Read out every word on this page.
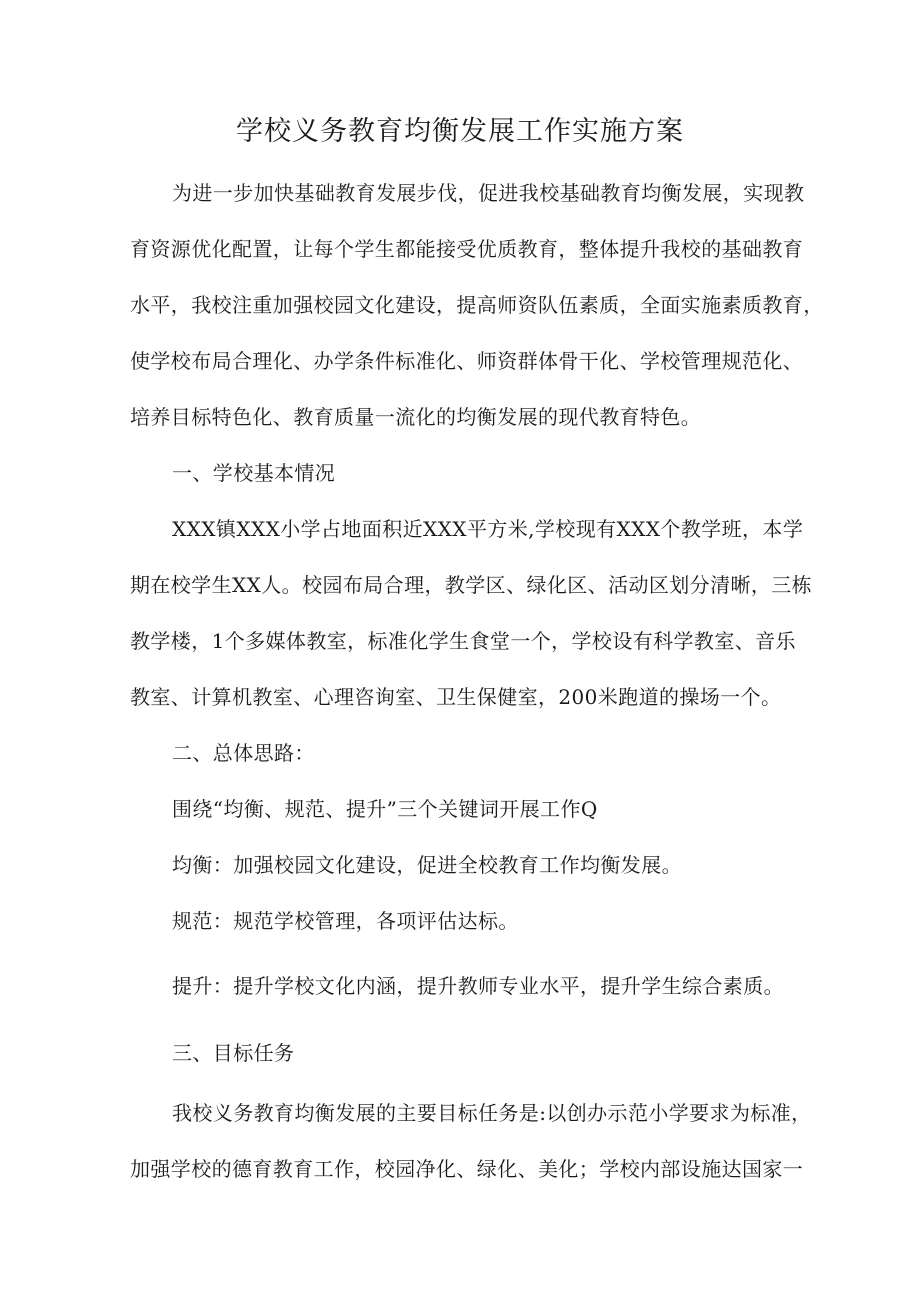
学校义务教育均衡发展工作实施方案
为进一步加快基础教育发展步伐，促进我校基础教育均衡发展，实现教
育资源优化配置，让每个学生都能接受优质教育，整体提升我校的基础教育
水平，我校注重加强校园文化建设，提高师资队伍素质，全面实施素质教育，
使学校布局合理化、办学条件标准化、师资群体骨干化、学校管理规范化、
培养目标特色化、教育质量一流化的均衡发展的现代教育特色。
一、学校基本情况
XXX镇XXX小学占地面积近XXX平方米,学校现有XXX个教学班，本学
期在校学生XX人。校园布局合理，教学区、绿化区、活动区划分清晰，三栋
教学楼，1个多媒体教室，标准化学生食堂一个，学校设有科学教室、音乐
教室、计算机教室、心理咨询室、卫生保健室，200米跑道的操场一个。
二、总体思路：
围绕“均衡、规范、提升”三个关键词开展工作Q
均衡：加强校园文化建设，促进全校教育工作均衡发展。
规范：规范学校管理，各项评估达标。
提升：提升学校文化内涵，提升教师专业水平，提升学生综合素质。
三、目标任务
我校义务教育均衡发展的主要目标任务是:以创办示范小学要求为标准，
加强学校的德育教育工作，校园净化、绿化、美化；学校内部设施达国家一
